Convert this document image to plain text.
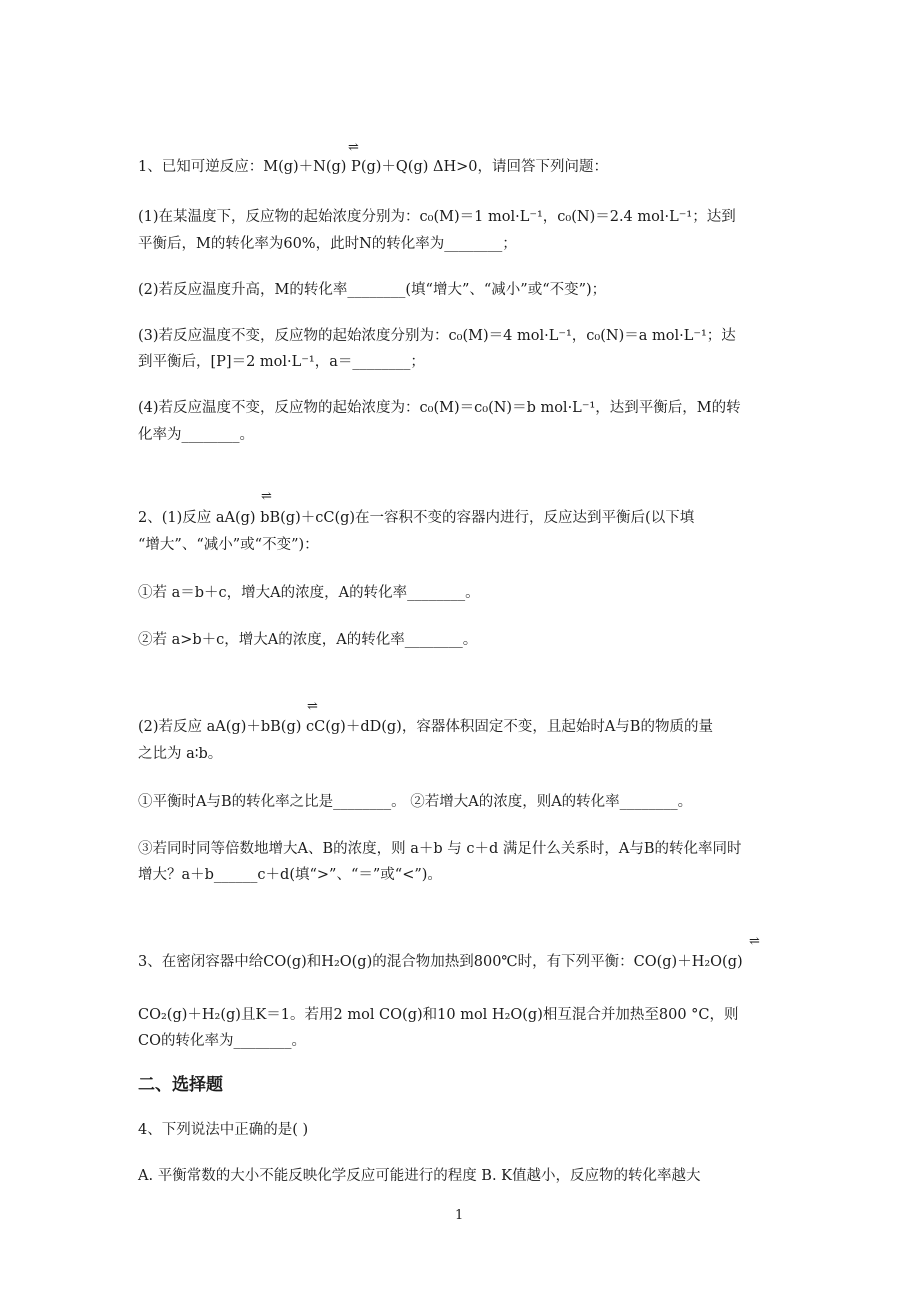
⇌
1、已知可逆反应：M(g)＋N(g) P(g)＋Q(g) ΔH>0，请回答下列问题：
(1)在某温度下，反应物的起始浓度分别为：c₀(M)＝1 mol·L⁻¹，c₀(N)＝2.4 mol·L⁻¹；达到
平衡后，M的转化率为60%，此时N的转化率为________；
(2)若反应温度升高，M的转化率________(填“增大”、“减小”或“不变”)；
(3)若反应温度不变，反应物的起始浓度分别为：c₀(M)＝4 mol·L⁻¹，c₀(N)＝a mol·L⁻¹；达
到平衡后，[P]＝2 mol·L⁻¹，a＝________；
(4)若反应温度不变，反应物的起始浓度为：c₀(M)＝c₀(N)＝b mol·L⁻¹，达到平衡后，M的转
化率为________。
⇌
2、(1)反应 aA(g) bB(g)＋cC(g)在一容积不变的容器内进行，反应达到平衡后(以下填
“增大”、“减小”或“不变”)：
①若 a＝b＋c，增大A的浓度，A的转化率________。
②若 a>b＋c，增大A的浓度，A的转化率________。
⇌
(2)若反应 aA(g)＋bB(g) cC(g)＋dD(g)，容器体积固定不变，且起始时A与B的物质的量
之比为 a∶b。
①平衡时A与B的转化率之比是________。 ②若增大A的浓度，则A的转化率________。
③若同时同等倍数地增大A、B的浓度，则 a＋b 与 c＋d 满足什么关系时，A与B的转化率同时
增大？a＋b______c＋d(填“>”、“＝”或“<”)。
⇌
3、在密闭容器中给CO(g)和H₂O(g)的混合物加热到800℃时，有下列平衡：CO(g)＋H₂O(g)
CO₂(g)＋H₂(g)且K＝1。若用2 mol CO(g)和10 mol H₂O(g)相互混合并加热至800 °C，则
CO的转化率为________。
二、选择题
4、下列说法中正确的是( )
A. 平衡常数的大小不能反映化学反应可能进行的程度 B. K值越小，反应物的转化率越大
1
